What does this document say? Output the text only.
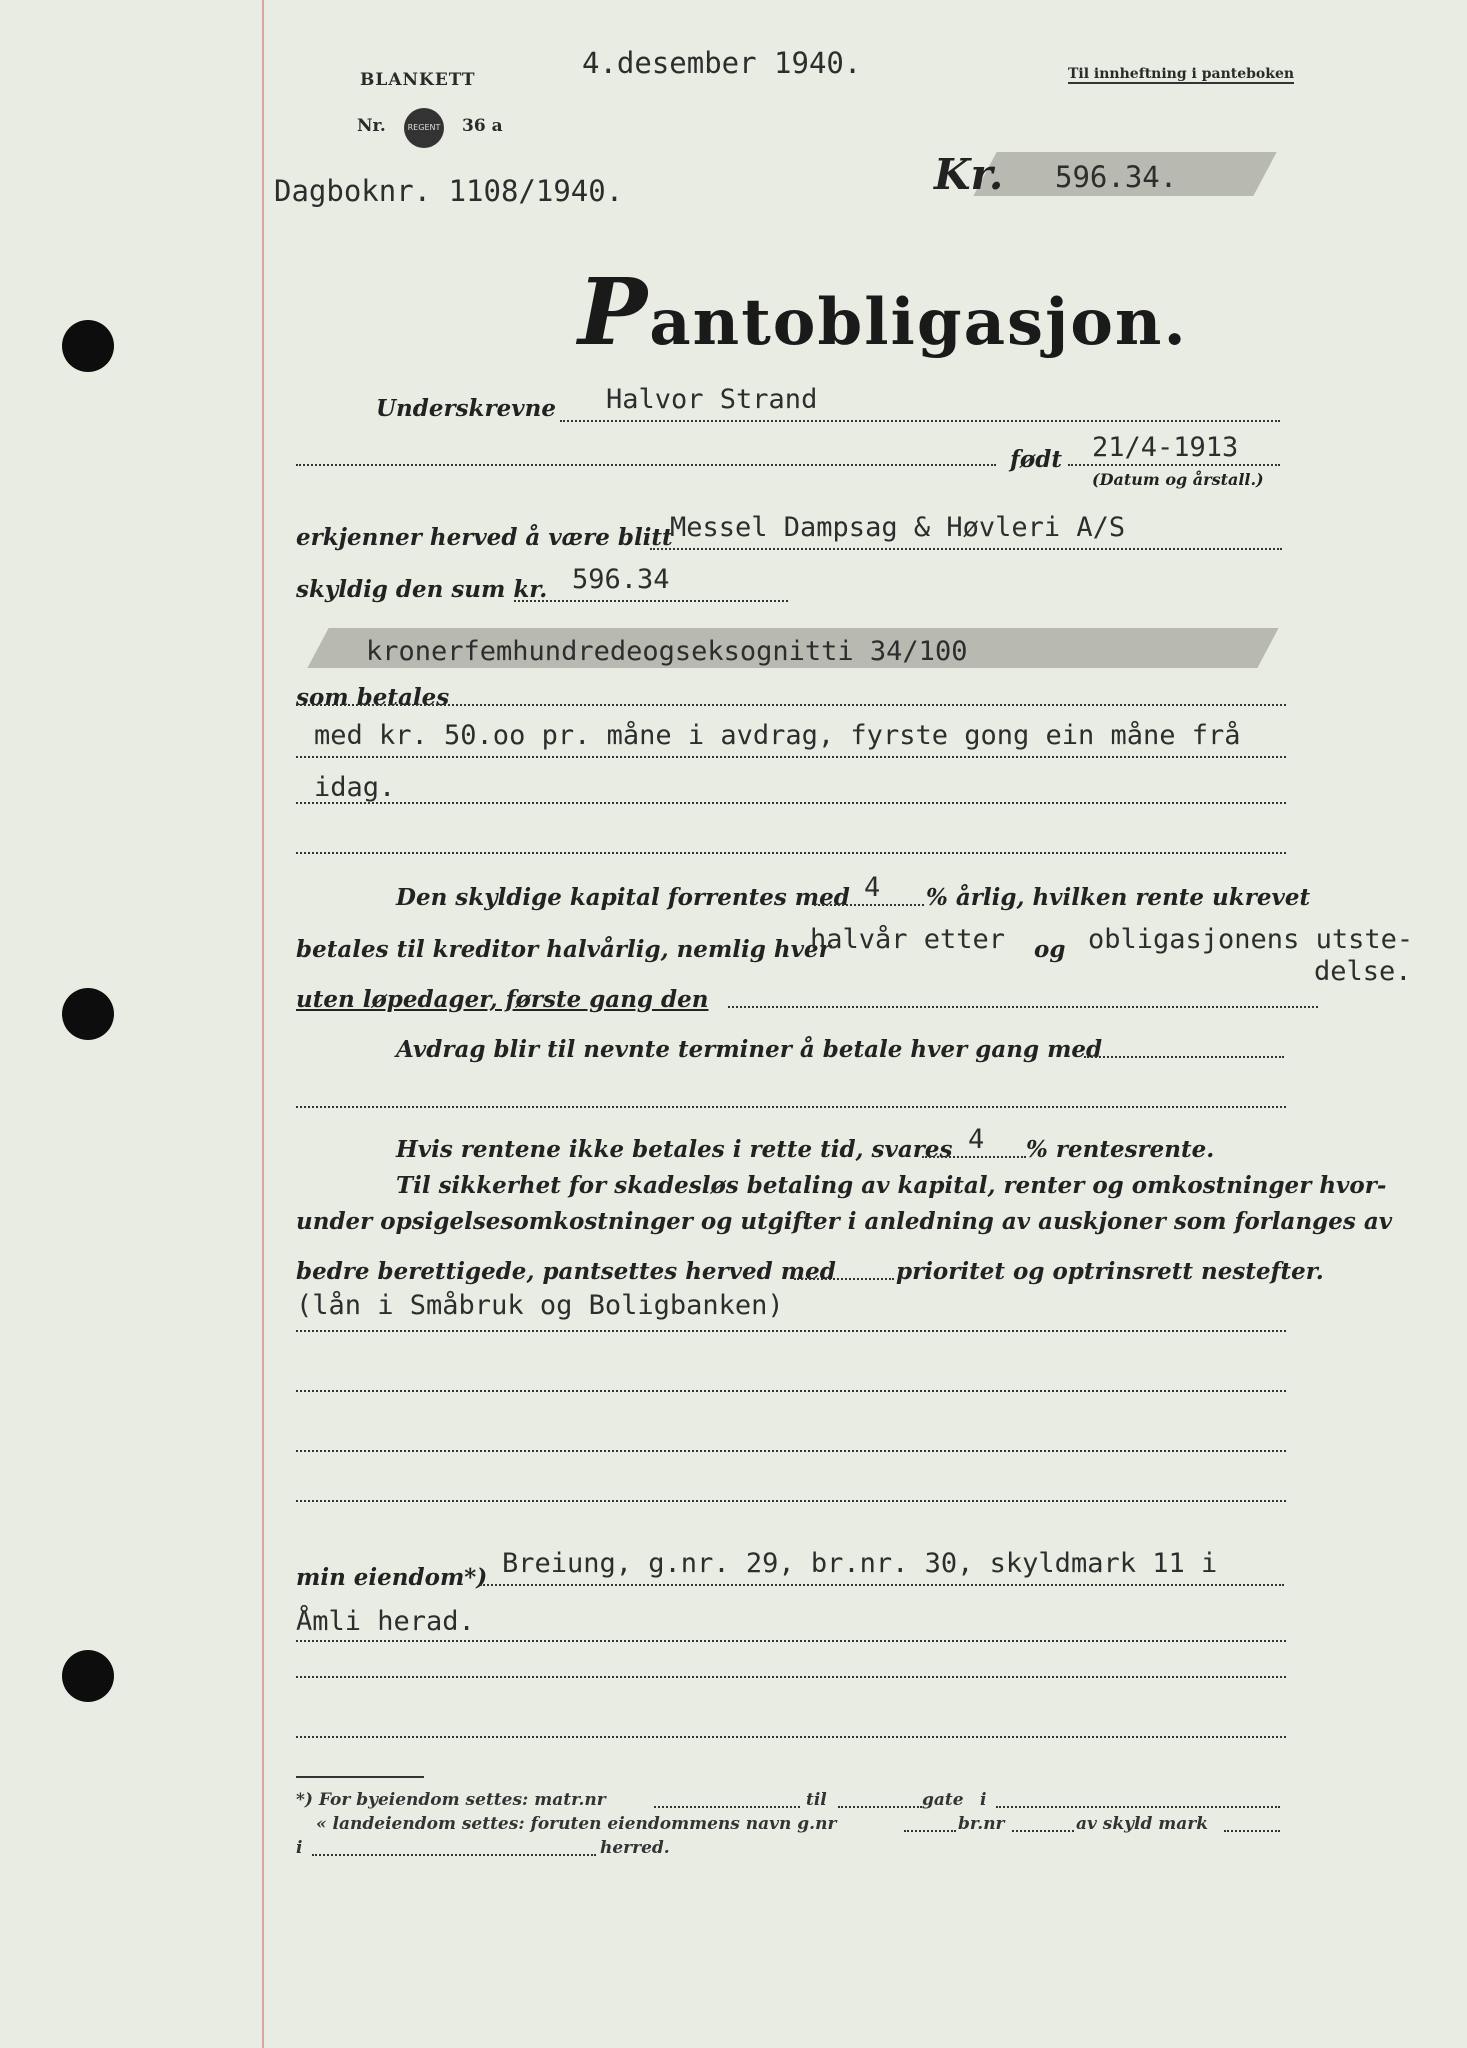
BLANKETT
Nr.	REGENT 36 a
4.desember 1940.	Til innheftning i panteboken
Dagboknr. 1108/1940.	Kr. 596.34.
Pantobligasjon.
Underskrevne Halvor Strand
født 21/4-1913
(Datum og årstall.)
erkjenner herved å være blitt
Messel Dampsag & Høvleri A/S
skyldig den sum kr. 596.34
kronerfemhundredeogseksognitti 34/100
som betales
med kr. 50.oo pr. måne i avdrag, fyrste gong ein måne frå
idag.
Den skyldige kapital forrentes med 4 % årlig, hvilken rente ukrevet
betales til kreditor halvårlig, nemlig hver
halvår etter og obligasjonens utste-
delse.
uten løpedager, første gang den
Avdrag blir til nevnte terminer å betale hver gang med
Hvis rentene ikke betales i rette tid, svares 4 % rentesrente.
Til sikkerhet for skadesløs betaling av kapital, renter og omkostninger hvor-
under opsigelsesomkostninger og utgifter i anledning av auskjoner som forlanges av
bedre berettigede, pantsettes herved med	prioritet og optrinsrett nestefter.
(lån i Småbruk og Boligbanken)
min eiendom*) Breiung, g.nr. 29, br.nr. 30, skyldmark 11 i
Åmli herad.
*) For byeiendom settes: matr.nr	til	gate i
« landeiendom settes: foruten eiendommens navn g.nr	br.nr	av skyld mark
i	herred.
